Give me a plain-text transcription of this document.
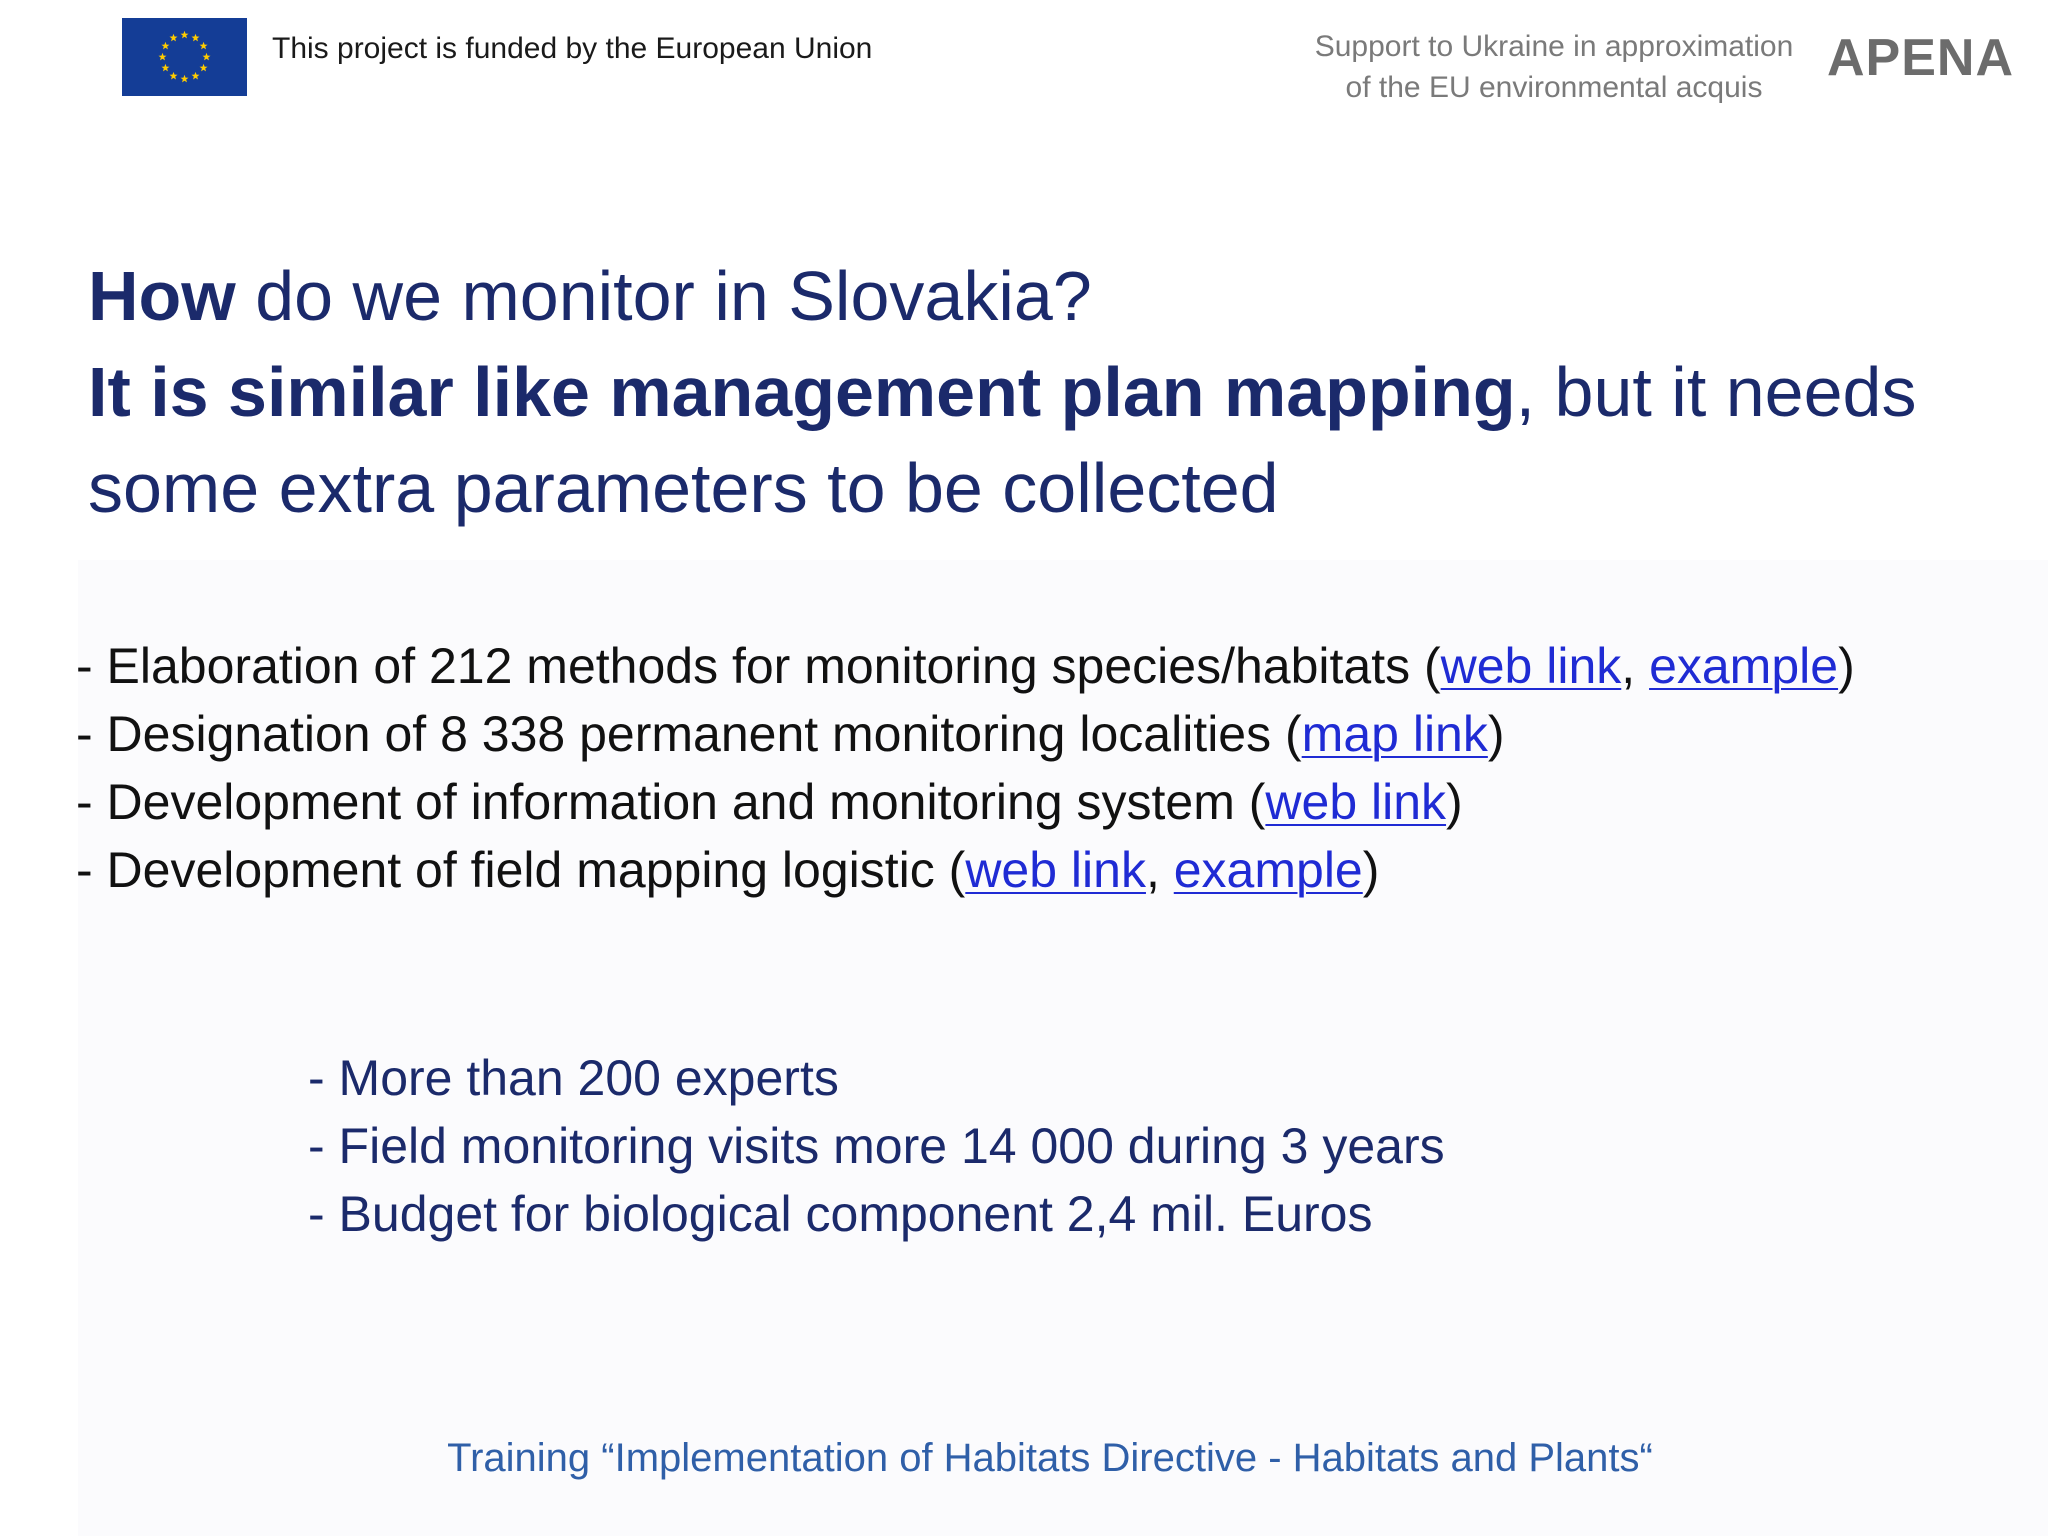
This project is funded by the European Union	Support to Ukraine in approximation
of the EU environmental acquis
APENA
How do we monitor in Slovakia?
It is similar like management plan mapping, but it needs
some extra parameters to be collected
- Elaboration of 212 methods for monitoring species/habitats (web link, example)
- Designation of 8 338 permanent monitoring localities (map link)
- Development of information and monitoring system (web link)
- Development of field mapping logistic (web link, example)
- More than 200 experts
- Field monitoring visits more 14 000 during 3 years
- Budget for biological component 2,4 mil. Euros
Training “Implementation of Habitats Directive - Habitats and Plants“
